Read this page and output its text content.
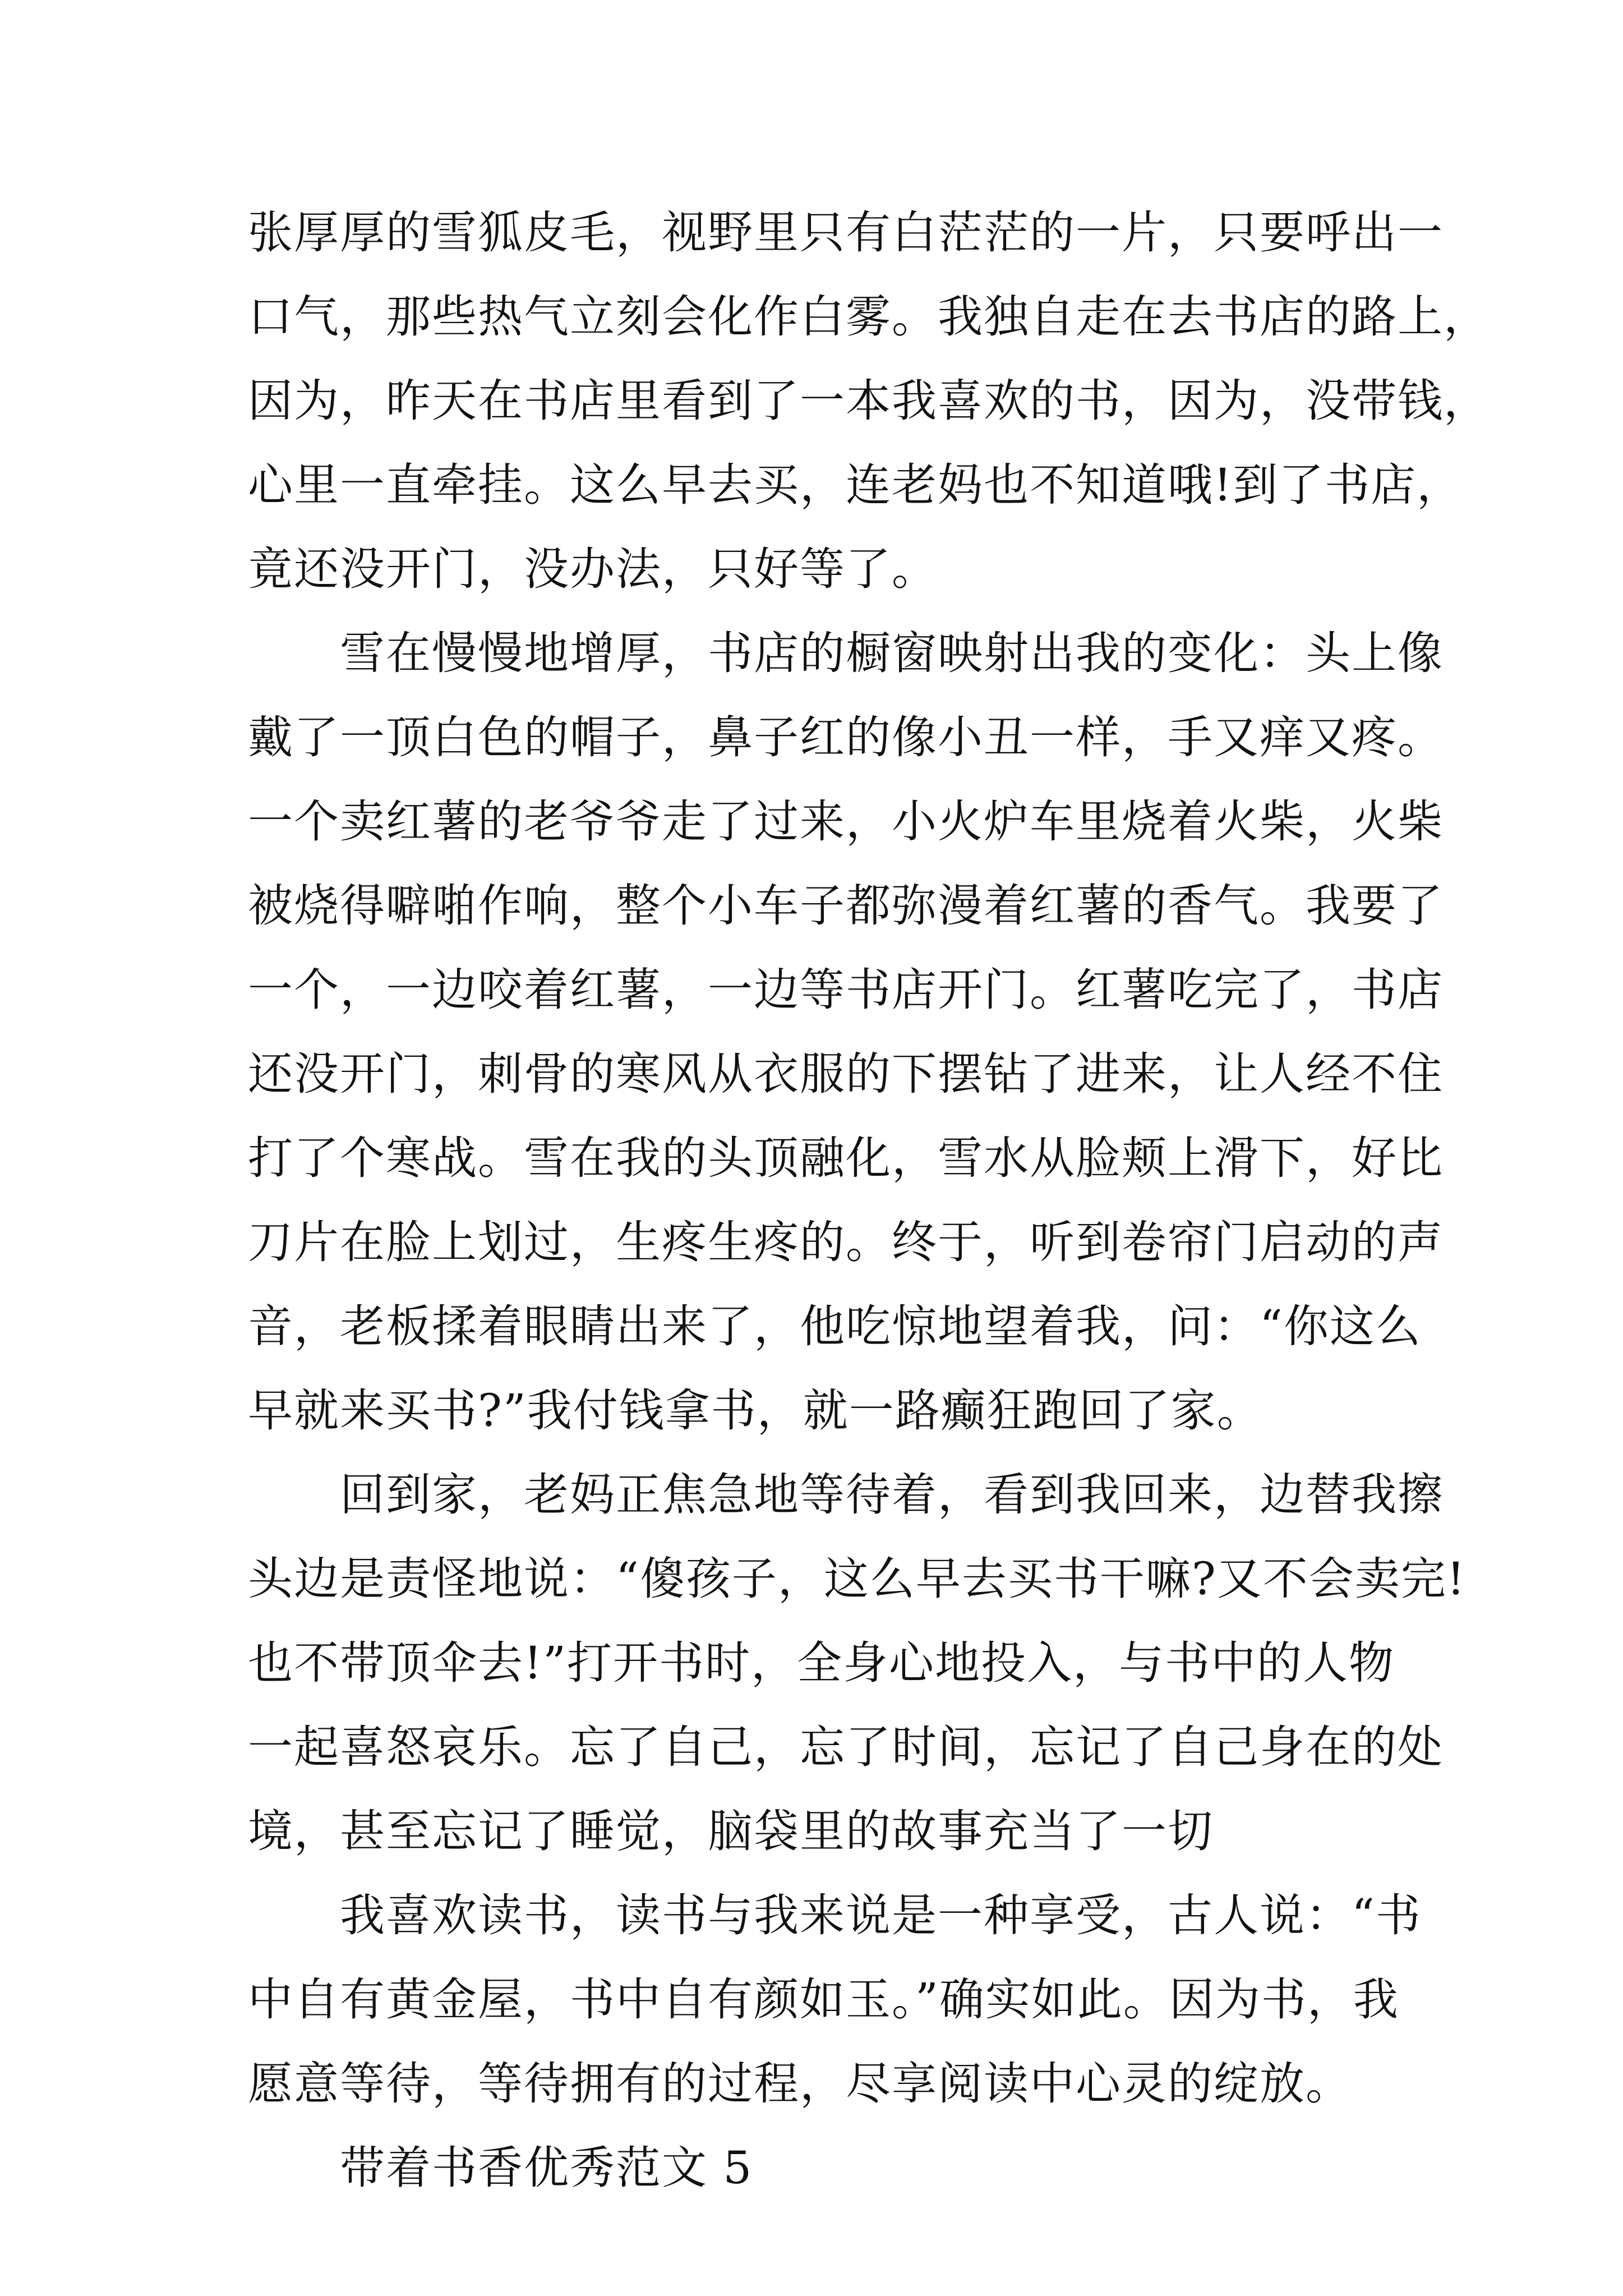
张厚厚的雪狐皮毛，视野里只有白茫茫的一片，只要呼出一
口气，那些热气立刻会化作白雾。我独自走在去书店的路上，
因为，昨天在书店里看到了一本我喜欢的书，因为，没带钱，
心里一直牵挂。这么早去买，连老妈也不知道哦!到了书店，
竟还没开门，没办法，只好等了。
　　雪在慢慢地增厚，书店的橱窗映射出我的变化：头上像
戴了一顶白色的帽子，鼻子红的像小丑一样，手又痒又疼。
一个卖红薯的老爷爷走了过来，小火炉车里烧着火柴，火柴
被烧得噼啪作响，整个小车子都弥漫着红薯的香气。我要了
一个，一边咬着红薯，一边等书店开门。红薯吃完了，书店
还没开门，刺骨的寒风从衣服的下摆钻了进来，让人经不住
打了个寒战。雪在我的头顶融化，雪水从脸颊上滑下，好比
刀片在脸上划过，生疼生疼的。终于，听到卷帘门启动的声
音，老板揉着眼睛出来了，他吃惊地望着我，问：“你这么
早就来买书?”我付钱拿书，就一路癫狂跑回了家。
　　回到家，老妈正焦急地等待着，看到我回来，边替我擦
头边是责怪地说：“傻孩子，这么早去买书干嘛?又不会卖完!
也不带顶伞去!”打开书时，全身心地投入，与书中的人物
一起喜怒哀乐。忘了自己，忘了时间，忘记了自己身在的处
境，甚至忘记了睡觉，脑袋里的故事充当了一切
　　我喜欢读书，读书与我来说是一种享受，古人说：“书
中自有黄金屋，书中自有颜如玉。”确实如此。因为书，我
愿意等待，等待拥有的过程，尽享阅读中心灵的绽放。
　　带着书香优秀范文 5
